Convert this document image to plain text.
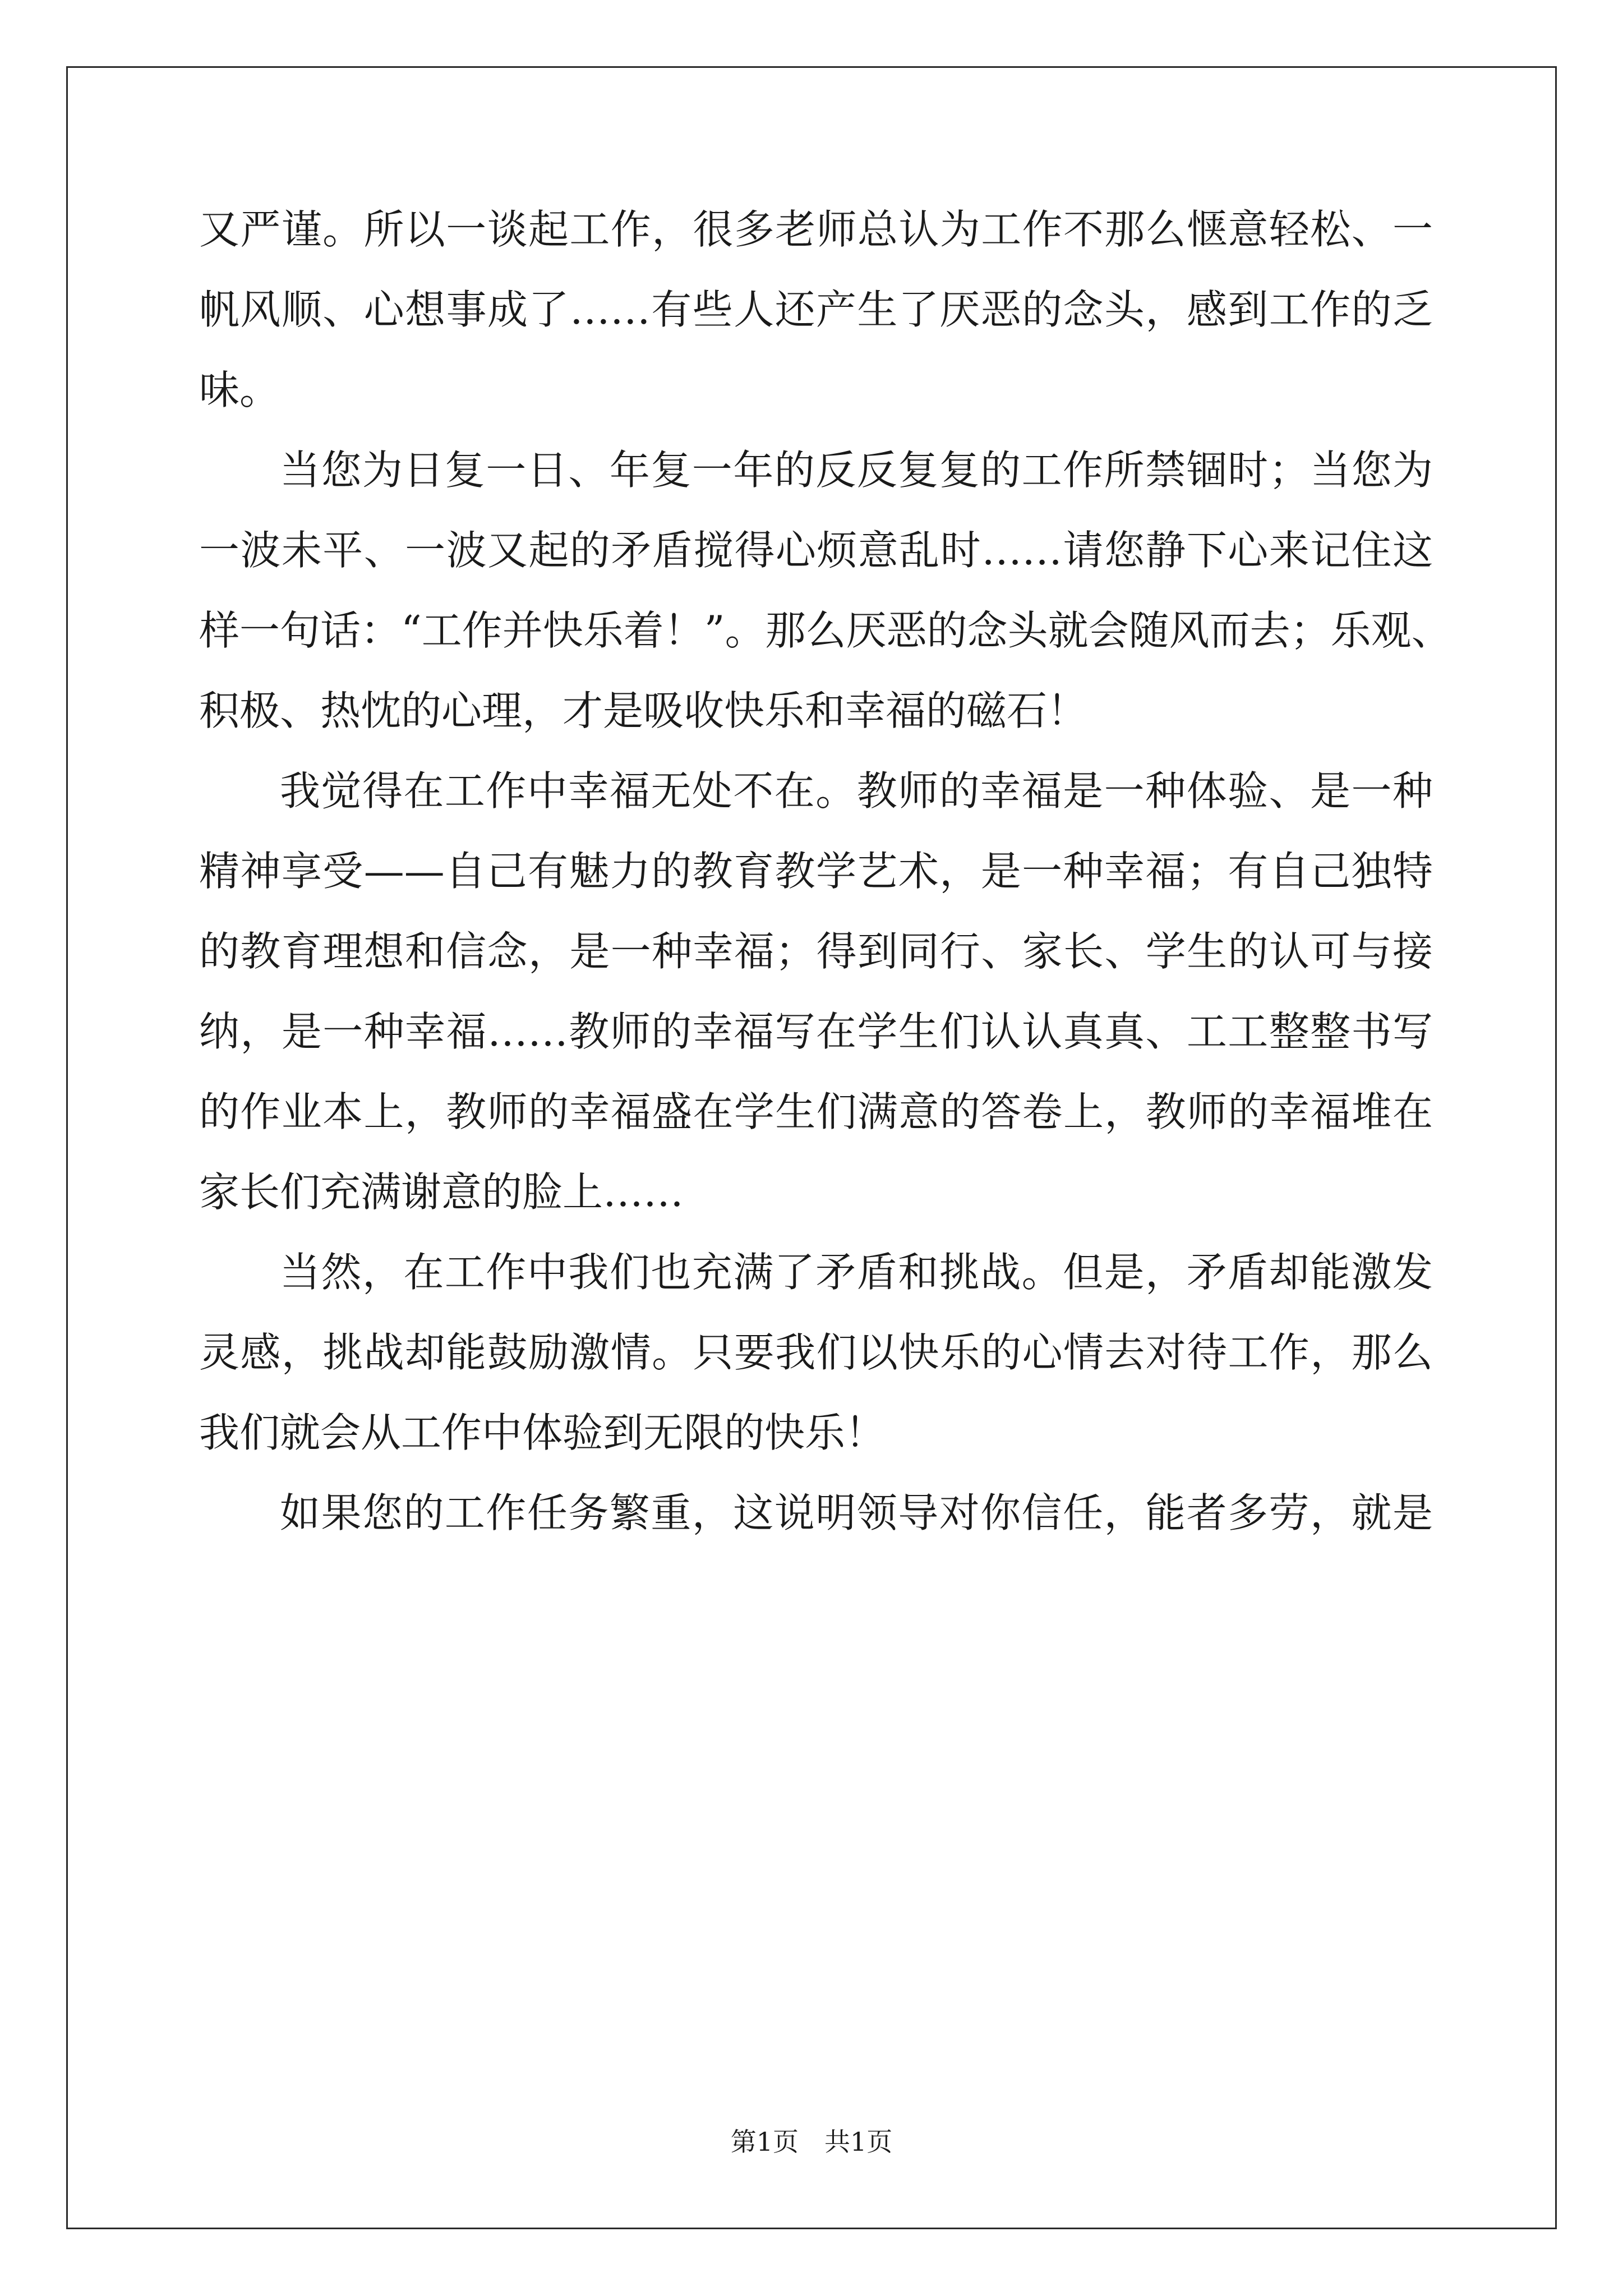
又严谨。所以一谈起工作，很多老师总认为工作不那么惬意轻松、一
帆风顺、心想事成了……有些人还产生了厌恶的念头，感到工作的乏
味。
当您为日复一日、年复一年的反反复复的工作所禁锢时；当您为
一波未平、一波又起的矛盾搅得心烦意乱时……请您静下心来记住这
样一句话：“工作并快乐着！”。那么厌恶的念头就会随风而去；乐观、
积极、热忱的心理，才是吸收快乐和幸福的磁石！
我觉得在工作中幸福无处不在。教师的幸福是一种体验、是一种
精神享受——自己有魅力的教育教学艺术，是一种幸福；有自己独特
的教育理想和信念，是一种幸福；得到同行、家长、学生的认可与接
纳，是一种幸福……教师的幸福写在学生们认认真真、工工整整书写
的作业本上，教师的幸福盛在学生们满意的答卷上，教师的幸福堆在
家长们充满谢意的脸上……
当然，在工作中我们也充满了矛盾和挑战。但是，矛盾却能激发
灵感，挑战却能鼓励激情。只要我们以快乐的心情去对待工作，那么
我们就会从工作中体验到无限的快乐！
如果您的工作任务繁重，这说明领导对你信任，能者多劳，就是
第1页 共1页
